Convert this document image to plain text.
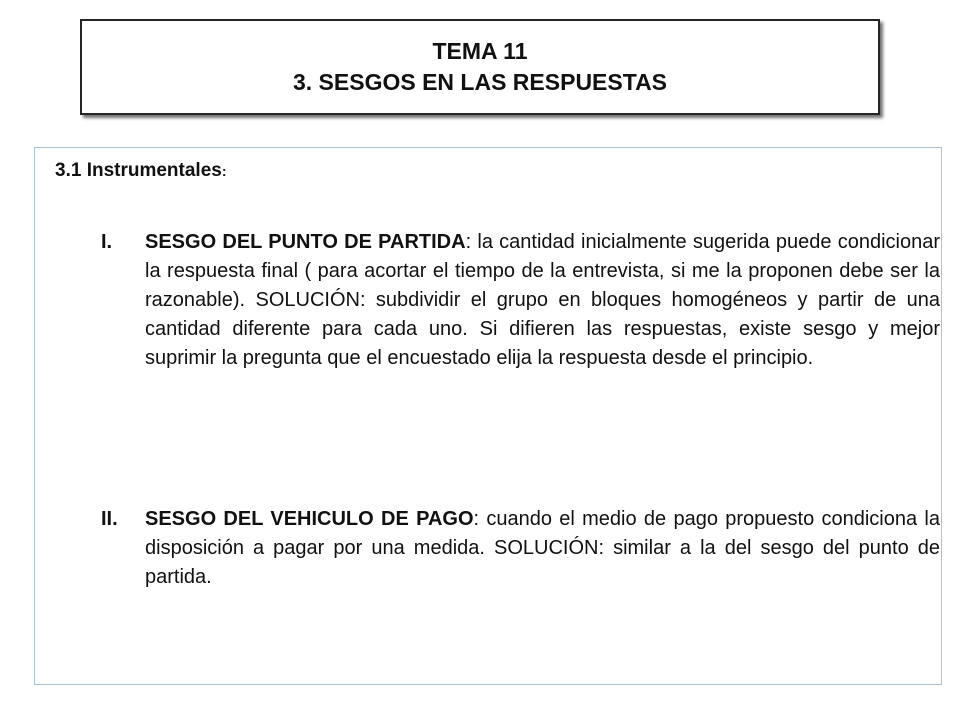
TEMA 11
3. SESGOS EN LAS RESPUESTAS
3.1 Instrumentales:
I.	SESGO DEL PUNTO DE PARTIDA: la cantidad inicialmente sugerida puede condicionar la respuesta final ( para acortar el tiempo de la entrevista, si me la proponen debe ser la razonable). SOLUCIÓN: subdividir el grupo en bloques homogéneos y partir de una cantidad diferente para cada uno. Si difieren las respuestas, existe sesgo y mejor suprimir la pregunta que el encuestado elija la respuesta desde el principio.
II.	SESGO DEL VEHICULO DE PAGO: cuando el medio de pago propuesto condiciona la disposición a pagar por una medida. SOLUCIÓN: similar a la del sesgo del punto de partida.
